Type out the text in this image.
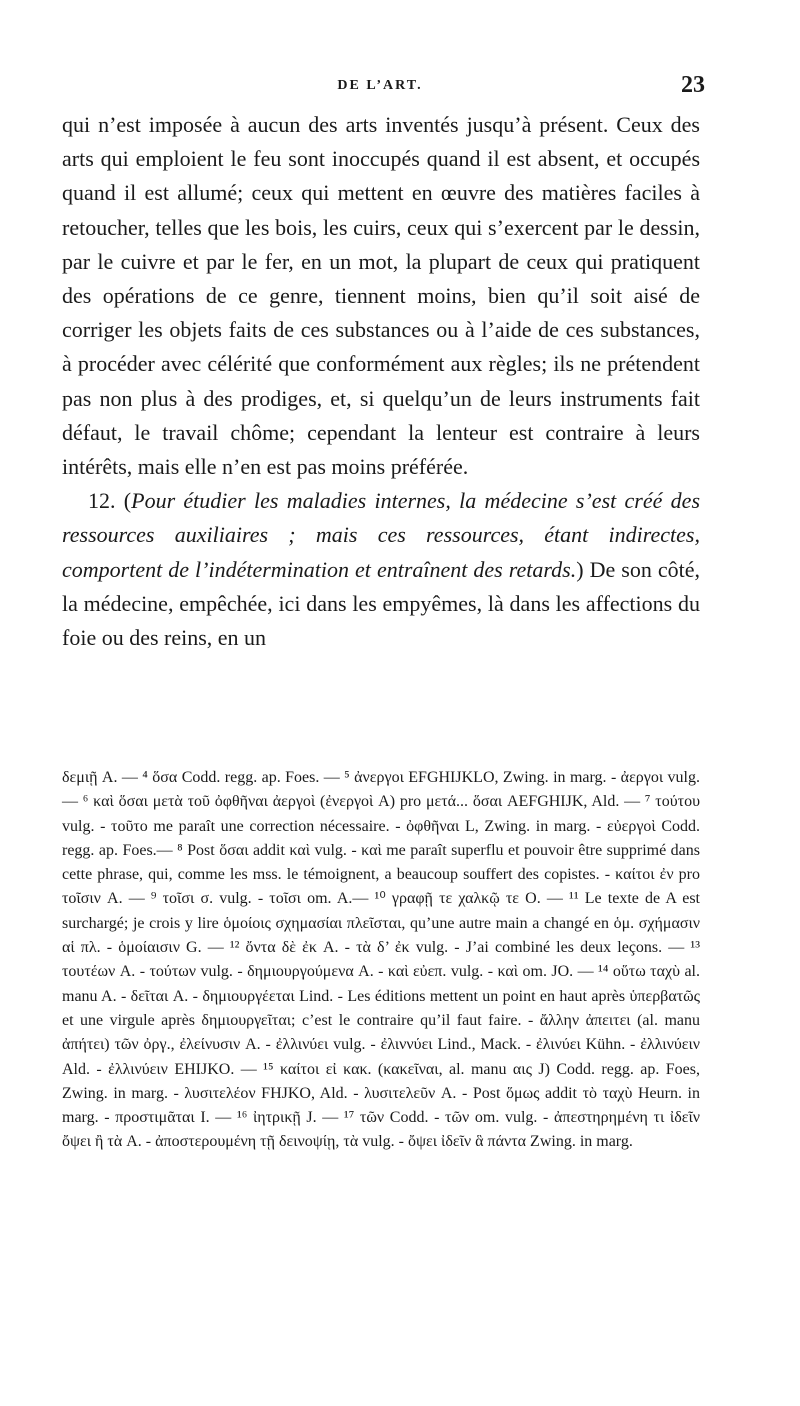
DE L’ART.	23

qui n’est imposée à aucun des arts inventés jusqu’à présent. Ceux des arts qui emploient le feu sont inoccupés quand il est absent, et occupés quand il est allumé; ceux qui mettent en œuvre des matières faciles à retoucher, telles que les bois, les cuirs, ceux qui s’exercent par le dessin, par le cuivre et par le fer, en un mot, la plupart de ceux qui pratiquent des opérations de ce genre, tiennent moins, bien qu’il soit aisé de corriger les objets faits de ces substances ou à l’aide de ces substances, à procéder avec célérité que conformément aux règles; ils ne prétendent pas non plus à des prodiges, et, si quelqu’un de leurs instruments fait défaut, le travail chôme; cependant la lenteur est contraire à leurs intérêts, mais elle n’en est pas moins préférée.

12. (Pour étudier les maladies internes, la médecine s’est créé des ressources auxiliaires ; mais ces ressources, étant indirectes, comportent de l’indétermination et entraînent des retards.) De son côté, la médecine, empêchée, ici dans les empyêmes, là dans les affections du foie ou des reins, en un

δεμιῇ A. — ⁴ ὅσα Codd. regg. ap. Foes. — ⁵ ἀνεργοι EFGHIJKLO, Zwing. in marg. - ἀεργοι vulg. — ⁶ καὶ ὅσαι μετὰ τοῦ ὀφθῆναι ἀεργοὶ (ἐνεργοὶ A) pro μετά... ὅσαι AEFGHIJK, Ald. — ⁷ τούτου vulg. - τοῦτο me paraît une correction nécessaire. - ὀφθῆναι L, Zwing. in marg. - εὐεργοὶ Codd. regg. ap. Foes.— ⁸ Post ὅσαι addit καὶ vulg. - καὶ me paraît superflu et pouvoir être supprimé dans cette phrase, qui, comme les mss. le témoignent, a beaucoup souffert des copistes. - καίτοι ἐν pro τοῖσιν A. — ⁹ τοῖσι σ. vulg. - τοῖσι om. A.— ¹⁰ γραφῇ τε χαλκῷ τε O. — ¹¹ Le texte de A est surchargé; je crois y lire ὁμοίοις σχημασίαι πλεῖσται, qu’une autre main a changé en ὁμ. σχήμασιν αἱ πλ. - ὁμοίαισιν G. — ¹² ὄντα δὲ ἐκ A. - τὰ δ’ ἐκ vulg. - J’ai combiné les deux leçons. — ¹³ τουτέων A. - τούτων vulg. - δημιουργούμενα A. - καὶ εὐεπ. vulg. - καὶ om. JO. — ¹⁴ οὕτω ταχὺ al. manu A. - δεῖται A. - δημιουργέεται Lind. - Les éditions mettent un point en haut après ὑπερβατῶς et une virgule après δημιουργεῖται; c’est le contraire qu’il faut faire. - ἄλλην ἀπειτει (al. manu ἀπήτει) τῶν ὀργ., ἐλείνυσιν A. - ἐλλινύει vulg. - ἐλιννύει Lind., Mack. - ἐλινύει Kühn. - ἐλλινύειν Ald. - ἐλλινύειν EHIJKO. — ¹⁵ καίτοι εἰ κακ. (κακεῖναι, al. manu αις J) Codd. regg. ap. Foes, Zwing. in marg. - λυσιτελέον FHJKO, Ald. - λυσιτελεῦν A. - Post ὅμως addit τὸ ταχὺ Heurn. in marg. - προστιμᾶται I. — ¹⁶ ἰητρικῇ J. — ¹⁷ τῶν Codd. - τῶν om. vulg. - ἀπεστηρημένη τι ἰδεῖν ὄψει ἢ τὰ A. - ἀποστερουμένη τῇ δεινοψίῃ, τὰ vulg. - ὄψει ἰδεῖν ἃ πάντα Zwing. in marg.
